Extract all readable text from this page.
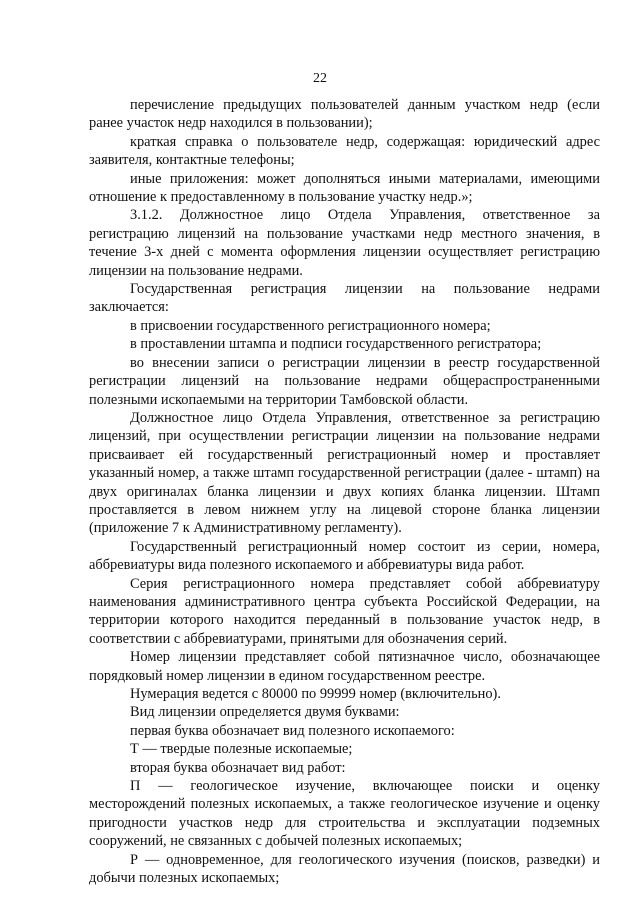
22

перечисление предыдущих пользователей данным участком недр (если ранее участок недр находился в пользовании);

краткая справка о пользователе недр, содержащая: юридический адрес заявителя, контактные телефоны;

иные приложения: может дополняться иными материалами, имеющими отношение к предоставленному в пользование участку недр.»;

3.1.2. Должностное лицо Отдела Управления, ответственное за регистрацию лицензий на пользование участками недр местного значения, в течение 3-х дней с момента оформления лицензии осуществляет регистрацию лицензии на пользование недрами.

Государственная регистрация лицензии на пользование недрами заключается:

в присвоении государственного регистрационного номера;

в проставлении штампа и подписи государственного регистратора;

во внесении записи о регистрации лицензии в реестр государственной регистрации лицензий на пользование недрами общераспространенными полезными ископаемыми на территории Тамбовской области.

Должностное лицо Отдела Управления, ответственное за регистрацию лицензий, при осуществлении регистрации лицензии на пользование недрами присваивает ей государственный регистрационный номер и проставляет указанный номер, а также штамп государственной регистрации (далее - штамп) на двух оригиналах бланка лицензии и двух копиях бланка лицензии. Штамп проставляется в левом нижнем углу на лицевой стороне бланка лицензии (приложение 7 к Административному регламенту).

Государственный регистрационный номер состоит из серии, номера, аббревиатуры вида полезного ископаемого и аббревиатуры вида работ.

Серия регистрационного номера представляет собой аббревиатуру наименования административного центра субъекта Российской Федерации, на территории которого находится переданный в пользование участок недр, в соответствии с аббревиатурами, принятыми для обозначения серий.

Номер лицензии представляет собой пятизначное число, обозначающее порядковый номер лицензии в едином государственном реестре.

Нумерация ведется с 80000 по 99999 номер (включительно).

Вид лицензии определяется двумя буквами:

первая буква обозначает вид полезного ископаемого:

Т — твердые полезные ископаемые;

вторая буква обозначает вид работ:

П — геологическое изучение, включающее поиски и оценку месторождений полезных ископаемых, а также геологическое изучение и оценку пригодности участков недр для строительства и эксплуатации подземных сооружений, не связанных с добычей полезных ископаемых;

Р — одновременное, для геологического изучения (поисков, разведки) и добычи полезных ископаемых;
